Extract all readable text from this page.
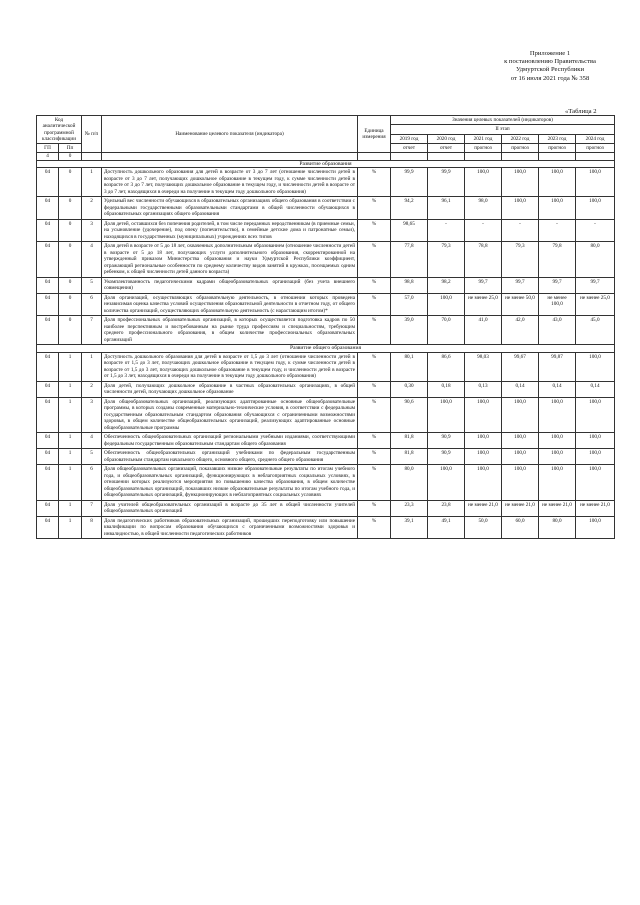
Приложение 1
к постановлению Правительства
Удмуртской Республики
от 16 июля 2021 года № 358
«Таблица 2
Код аналитической программной классификации		№ п/п	Наименование целевого показателя (индикатора)	Единица измерения	Значения целевых показателей (индикаторов)					
					II этап					
					2019 год	2020 год	2021 год	2022 год	2023 год	2024 год
ГП	Пп				отчет	отчет	прогноз	прогноз	прогноз	прогноз
4	0									
Развитие образования										
04	0	1	Доступность дошкольного образования для детей в возрасте от 3 до 7 лет (отношение численности детей в возрасте от 3 до 7 лет, получающих дошкольное образование в текущем году, к сумме численности детей в возрасте от 3 до 7 лет, получающих дошкольное образование в текущем году, и численности детей в возрасте от 3 до 7 лет, находящихся в очереди на получение в текущем году дошкольного образования)	%	99,9	99,9	100,0	100,0	100,0	100,0
04	0	2	Удельный вес численности обучающихся в образовательных организациях общего образования в соответствии с федеральными государственными образовательными стандартами в общей численности обучающихся в образовательных организациях общего образования	%	94,2	96,1	98,0	100,0	100,0	100,0
04	0	3	Доля детей, оставшихся без попечения родителей, в том числе переданных неродственникам (в приемные семьи, на усыновление (удочерение), под опеку (попечительство), в семейные детские дома и патронатные семьи), находящихся в государственных (муниципальных) учреждениях всех типов	%	98,65	-	-	-	-	-
04	0	4	Доля детей в возрасте от 5 до 18 лет, охваченных дополнительным образованием (отношение численности детей в возрасте от 5 до 18 лет, получающих услуги дополнительного образования, скорректированной на утвержденный приказом Министерства образования и науки Удмуртской Республики коэффициент, отражающий региональные особенности по среднему количеству видов занятий в кружках, посещаемых одним ребенком, к общей численности детей данного возраста)	%	77,8	79,3	78,8	79,3	79,8	80,0
04	0	5	Укомплектованность педагогическими кадрами общеобразовательных организаций (без учета внешнего совмещения)	%	98,8	98,2	99,7	99,7	99,7	99,7
04	0	6	Доля организаций, осуществляющих образовательную деятельность, в отношении которых проведена независимая оценка качества условий осуществления образовательной деятельности в отчетном году, от общего количества организаций, осуществляющих образовательную деятельность (с нарастающим итогом)*	%	57,0	100,0	не менее 25,0	не менее 50,0	не менее 100,0	не менее 25,0
04	0	7	Доля профессиональных образовательных организаций, в которых осуществляется подготовка кадров по 50 наиболее перспективным и востребованным на рынке труда профессиям и специальностям, требующим среднего профессионального образования, в общем количестве профессиональных образовательных организаций	%	39,0	70,0	41,0	42,0	43,0	45,0
Развитие общего образования										
04	1	1	Доступность дошкольного образования для детей в возрасте от 1,5 до 3 лет (отношение численности детей в возрасте от 1,5 до 3 лет, получающих дошкольное образование в текущем году, к сумме численности детей в возрасте от 1,5 до 3 лет, получающих дошкольное образование в текущем году, и численности детей в возрасте от 1,5 до 3 лет, находящихся в очереди на получение в текущем году дошкольного образования)	%	80,1	86,6	98,03	99,67	99,87	100,0
04	1	2	Доля детей, получающих дошкольное образование в частных образовательных организациях, в общей численности детей, получающих дошкольное образование	%	0,30	0,18	0,13	0,14	0,14	0,14
04	1	3	Доля общеобразовательных организаций, реализующих адаптированные основные общеобразовательные программы, в которых созданы современные материально-технические условия, в соответствии с федеральным государственным образовательным стандартом образования обучающихся с ограниченными возможностями здоровья, в общем количестве общеобразовательных организаций, реализующих адаптированные основные общеобразовательные программы	%	90,6	100,0	100,0	100,0	100,0	100,0
04	1	4	Обеспеченность общеобразовательных организаций региональными учебными изданиями, соответствующими федеральным государственным образовательным стандартам общего образования	%	81,8	90,9	100,0	100,0	100,0	100,0
04	1	5	Обеспеченность общеобразовательных организаций учебниками по федеральным государственным образовательным стандартам начального общего, основного общего, среднего общего образования	%	81,8	90,9	100,0	100,0	100,0	100,0
04	1	6	Доля общеобразовательных организаций, показавших низкие образовательные результаты по итогам учебного года, и общеобразовательных организаций, функционирующих в неблагоприятных социальных условиях, в отношении которых реализуются мероприятия по повышению качества образования, в общем количестве общеобразовательных организаций, показавших низкие образовательные результаты по итогам учебного года, и общеобразовательных организаций, функционирующих в неблагоприятных социальных условиях	%	80,0	100,0	100,0	100,0	100,0	100,0
04	1	7	Доля учителей общеобразовательных организаций в возрасте до 35 лет в общей численности учителей общеобразовательных организаций	%	23,3	23,8	не менее 21,0	не менее 21,0	не менее 21,0	не менее 21,0
04	1	8	Доля педагогических работников образовательных организаций, прошедших переподготовку или повышение квалификации по вопросам образования обучающихся с ограниченными возможностями здоровья и инвалидностью, в общей численности педагогических работников	%	39,1	49,1	50,0	60,0	80,0	100,0
